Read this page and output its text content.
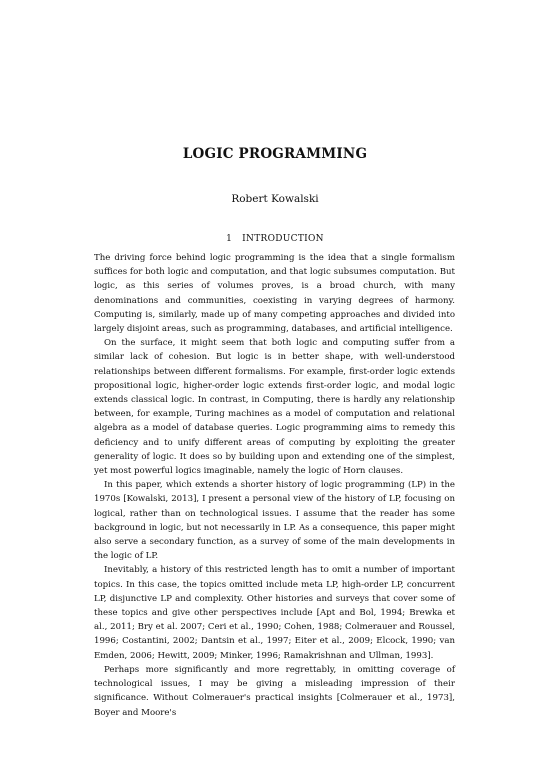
LOGIC PROGRAMMING
Robert Kowalski
1 INTRODUCTION

The driving force behind logic programming is the idea that a single formalism suffices for both logic and computation, and that logic subsumes computation. But logic, as this series of volumes proves, is a broad church, with many denominations and communities, coexisting in varying degrees of harmony. Computing is, similarly, made up of many competing approaches and divided into largely disjoint areas, such as programming, databases, and artificial intelligence.

On the surface, it might seem that both logic and computing suffer from a similar lack of cohesion. But logic is in better shape, with well-understood relationships between different formalisms. For example, first-order logic extends propositional logic, higher-order logic extends first-order logic, and modal logic extends classical logic. In contrast, in Computing, there is hardly any relationship between, for example, Turing machines as a model of computation and relational algebra as a model of database queries. Logic programming aims to remedy this deficiency and to unify different areas of computing by exploiting the greater generality of logic. It does so by building upon and extending one of the simplest, yet most powerful logics imaginable, namely the logic of Horn clauses.

In this paper, which extends a shorter history of logic programming (LP) in the 1970s [Kowalski, 2013], I present a personal view of the history of LP, focusing on logical, rather than on technological issues. I assume that the reader has some background in logic, but not necessarily in LP. As a consequence, this paper might also serve a secondary function, as a survey of some of the main developments in the logic of LP.

Inevitably, a history of this restricted length has to omit a number of important topics. In this case, the topics omitted include meta LP, high-order LP, concurrent LP, disjunctive LP and complexity. Other histories and surveys that cover some of these topics and give other perspectives include [Apt and Bol, 1994; Brewka et al., 2011; Bry et al. 2007; Ceri et al., 1990; Cohen, 1988; Colmerauer and Roussel, 1996; Costantini, 2002; Dantsin et al., 1997; Eiter et al., 2009; Elcock, 1990; van Emden, 2006; Hewitt, 2009; Minker, 1996; Ramakrishnan and Ullman, 1993].

Perhaps more significantly and more regrettably, in omitting coverage of technological issues, I may be giving a misleading impression of their significance. Without Colmerauer's practical insights [Colmerauer et al., 1973], Boyer and Moore's
